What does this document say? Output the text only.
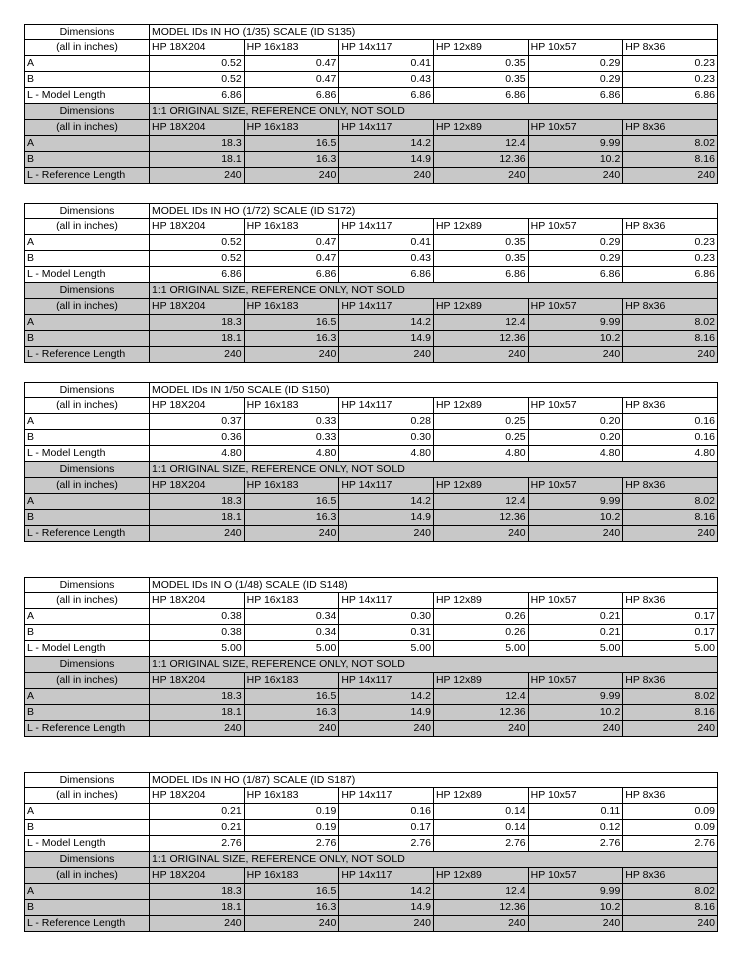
Dimensions	MODEL IDs IN HO (1/35) SCALE (ID S135)
(all in inches)	HP 18X204	HP 16x183	HP 14x117	HP 12x89	HP 10x57	HP 8x36
A	0.52	0.47	0.41	0.35	0.29	0.23
B	0.52	0.47	0.43	0.35	0.29	0.23
L - Model Length	6.86	6.86	6.86	6.86	6.86	6.86
Dimensions	1:1 ORIGINAL SIZE, REFERENCE ONLY, NOT SOLD
(all in inches)	HP 18X204	HP 16x183	HP 14x117	HP 12x89	HP 10x57	HP 8x36
A	18.3	16.5	14.2	12.4	9.99	8.02
B	18.1	16.3	14.9	12.36	10.2	8.16
L - Reference Length	240	240	240	240	240	240
Dimensions	MODEL IDs IN HO (1/72) SCALE (ID S172)
(all in inches)	HP 18X204	HP 16x183	HP 14x117	HP 12x89	HP 10x57	HP 8x36
A	0.52	0.47	0.41	0.35	0.29	0.23
B	0.52	0.47	0.43	0.35	0.29	0.23
L - Model Length	6.86	6.86	6.86	6.86	6.86	6.86
Dimensions	1:1 ORIGINAL SIZE, REFERENCE ONLY, NOT SOLD
(all in inches)	HP 18X204	HP 16x183	HP 14x117	HP 12x89	HP 10x57	HP 8x36
A	18.3	16.5	14.2	12.4	9.99	8.02
B	18.1	16.3	14.9	12.36	10.2	8.16
L - Reference Length	240	240	240	240	240	240
Dimensions	MODEL IDs IN 1/50 SCALE (ID S150)
(all in inches)	HP 18X204	HP 16x183	HP 14x117	HP 12x89	HP 10x57	HP 8x36
A	0.37	0.33	0.28	0.25	0.20	0.16
B	0.36	0.33	0.30	0.25	0.20	0.16
L - Model Length	4.80	4.80	4.80	4.80	4.80	4.80
Dimensions	1:1 ORIGINAL SIZE, REFERENCE ONLY, NOT SOLD
(all in inches)	HP 18X204	HP 16x183	HP 14x117	HP 12x89	HP 10x57	HP 8x36
A	18.3	16.5	14.2	12.4	9.99	8.02
B	18.1	16.3	14.9	12.36	10.2	8.16
L - Reference Length	240	240	240	240	240	240
Dimensions	MODEL IDs IN O (1/48) SCALE (ID S148)
(all in inches)	HP 18X204	HP 16x183	HP 14x117	HP 12x89	HP 10x57	HP 8x36
A	0.38	0.34	0.30	0.26	0.21	0.17
B	0.38	0.34	0.31	0.26	0.21	0.17
L - Model Length	5.00	5.00	5.00	5.00	5.00	5.00
Dimensions	1:1 ORIGINAL SIZE, REFERENCE ONLY, NOT SOLD
(all in inches)	HP 18X204	HP 16x183	HP 14x117	HP 12x89	HP 10x57	HP 8x36
A	18.3	16.5	14.2	12.4	9.99	8.02
B	18.1	16.3	14.9	12.36	10.2	8.16
L - Reference Length	240	240	240	240	240	240
Dimensions	MODEL IDs IN HO (1/87) SCALE (ID S187)
(all in inches)	HP 18X204	HP 16x183	HP 14x117	HP 12x89	HP 10x57	HP 8x36
A	0.21	0.19	0.16	0.14	0.11	0.09
B	0.21	0.19	0.17	0.14	0.12	0.09
L - Model Length	2.76	2.76	2.76	2.76	2.76	2.76
Dimensions	1:1 ORIGINAL SIZE, REFERENCE ONLY, NOT SOLD
(all in inches)	HP 18X204	HP 16x183	HP 14x117	HP 12x89	HP 10x57	HP 8x36
A	18.3	16.5	14.2	12.4	9.99	8.02
B	18.1	16.3	14.9	12.36	10.2	8.16
L - Reference Length	240	240	240	240	240	240
